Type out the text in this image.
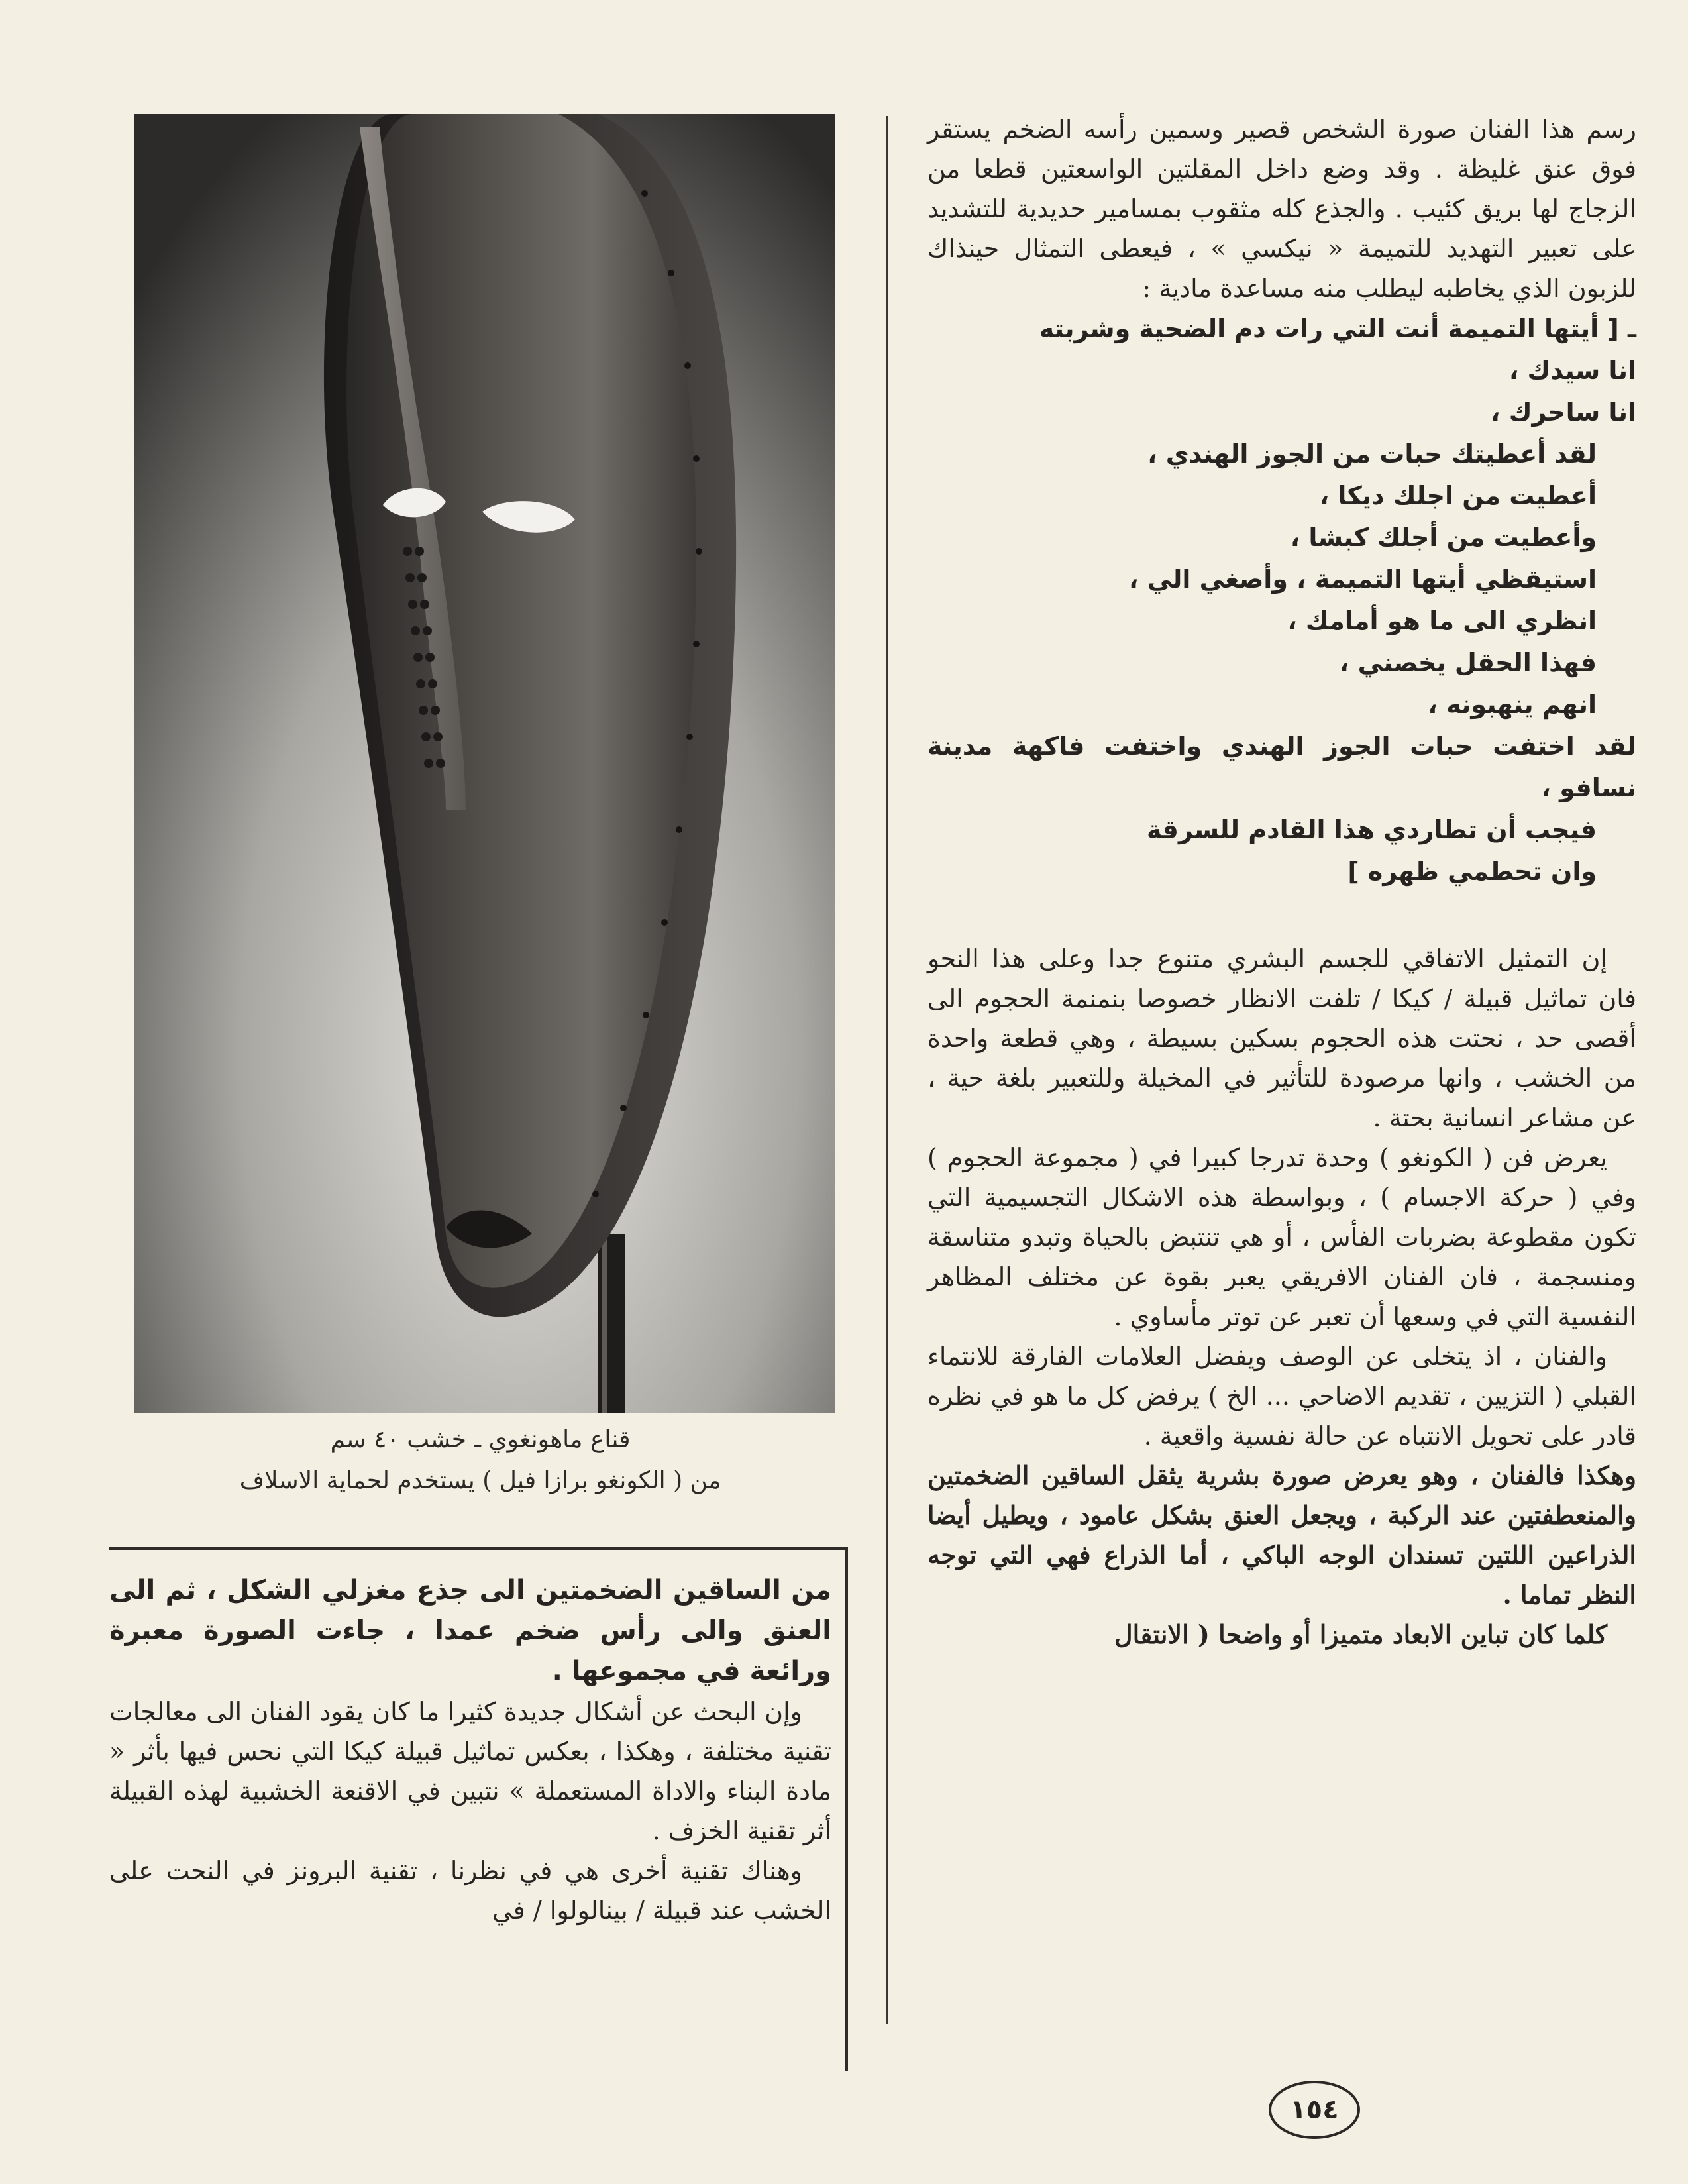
قناع ماهونغوي ـ خشب ٤٠ سم
من ( الكونغو برازا فيل ) يستخدم لحماية الاسلاف

من الساقين الضخمتين الى جذع مغزلي الشكل ، ثم الى العنق والى رأس ضخم عمدا ، جاءت الصورة معبرة ورائعة في مجموعها .

وإن البحث عن أشكال جديدة كثيرا ما كان يقود الفنان الى معالجات تقنية مختلفة ، وهكذا ، بعكس تماثيل قبيلة كيكا التي نحس فيها بأثر « مادة البناء والاداة المستعملة » نتبين في الاقنعة الخشبية لهذه القبيلة أثر تقنية الخزف .

وهناك تقنية أخرى هي في نظرنا ، تقنية البرونز في النحت على الخشب عند قبيلة / بينالولوا / في

رسم هذا الفنان صورة الشخص قصير وسمين رأسه الضخم يستقر فوق عنق غليظة . وقد وضع داخل المقلتين الواسعتين قطعا من الزجاج لها بريق كئيب . والجذع كله مثقوب بمسامير حديدية للتشديد على تعبير التهديد للتميمة « نيكسي » ، فيعطى التمثال حينذاك للزبون الذي يخاطبه ليطلب منه مساعدة مادية :

ـ [ أيتها التميمة أنت التي رات دم الضحية وشربته
انا سيدك ،
انا ساحرك ،
لقد أعطيتك حبات من الجوز الهندي ،
أعطيت من اجلك ديكا ،
وأعطيت من أجلك كبشا ،
استيقظي أيتها التميمة ، وأصغي الي ،
انظري الى ما هو أمامك ،
فهذا الحقل يخصني ،
انهم ينهبونه ،
لقد اختفت حبات الجوز الهندي واختفت فاكهة مدينة نسافو ،
فيجب أن تطاردي هذا القادم للسرقة
وان تحطمي ظهره ]

إن التمثيل الاتفاقي للجسم البشري متنوع جدا وعلى هذا النحو فان تماثيل قبيلة / كيكا / تلفت الانظار خصوصا بنمنمة الحجوم الى أقصى حد ، نحتت هذه الحجوم بسكين بسيطة ، وهي قطعة واحدة من الخشب ، وانها مرصودة للتأثير في المخيلة وللتعبير بلغة حية ، عن مشاعر انسانية بحتة .

يعرض فن ( الكونغو ) وحدة تدرجا كبيرا في ( مجموعة الحجوم ) وفي ( حركة الاجسام ) ، وبواسطة هذه الاشكال التجسيمية التي تكون مقطوعة بضربات الفأس ، أو هي تنتبض بالحياة وتبدو متناسقة ومنسجمة ، فان الفنان الافريقي يعبر بقوة عن مختلف المظاهر النفسية التي في وسعها أن تعبر عن توتر مأساوي .

والفنان ، اذ يتخلى عن الوصف ويفضل العلامات الفارقة للانتماء القبلي ( التزيين ، تقديم الاضاحي ... الخ ) يرفض كل ما هو في نظره قادر على تحويل الانتباه عن حالة نفسية واقعية .

وهكذا فالفنان ، وهو يعرض صورة بشرية يثقل الساقين الضخمتين والمنعطفتين عند الركبة ، ويجعل العنق بشكل عامود ، ويطيل أيضا الذراعين اللتين تسندان الوجه الباكي ، أما الذراع فهي التي توجه النظر تماما .

كلما كان تباين الابعاد متميزا أو واضحا ( الانتقال

١٥٤
